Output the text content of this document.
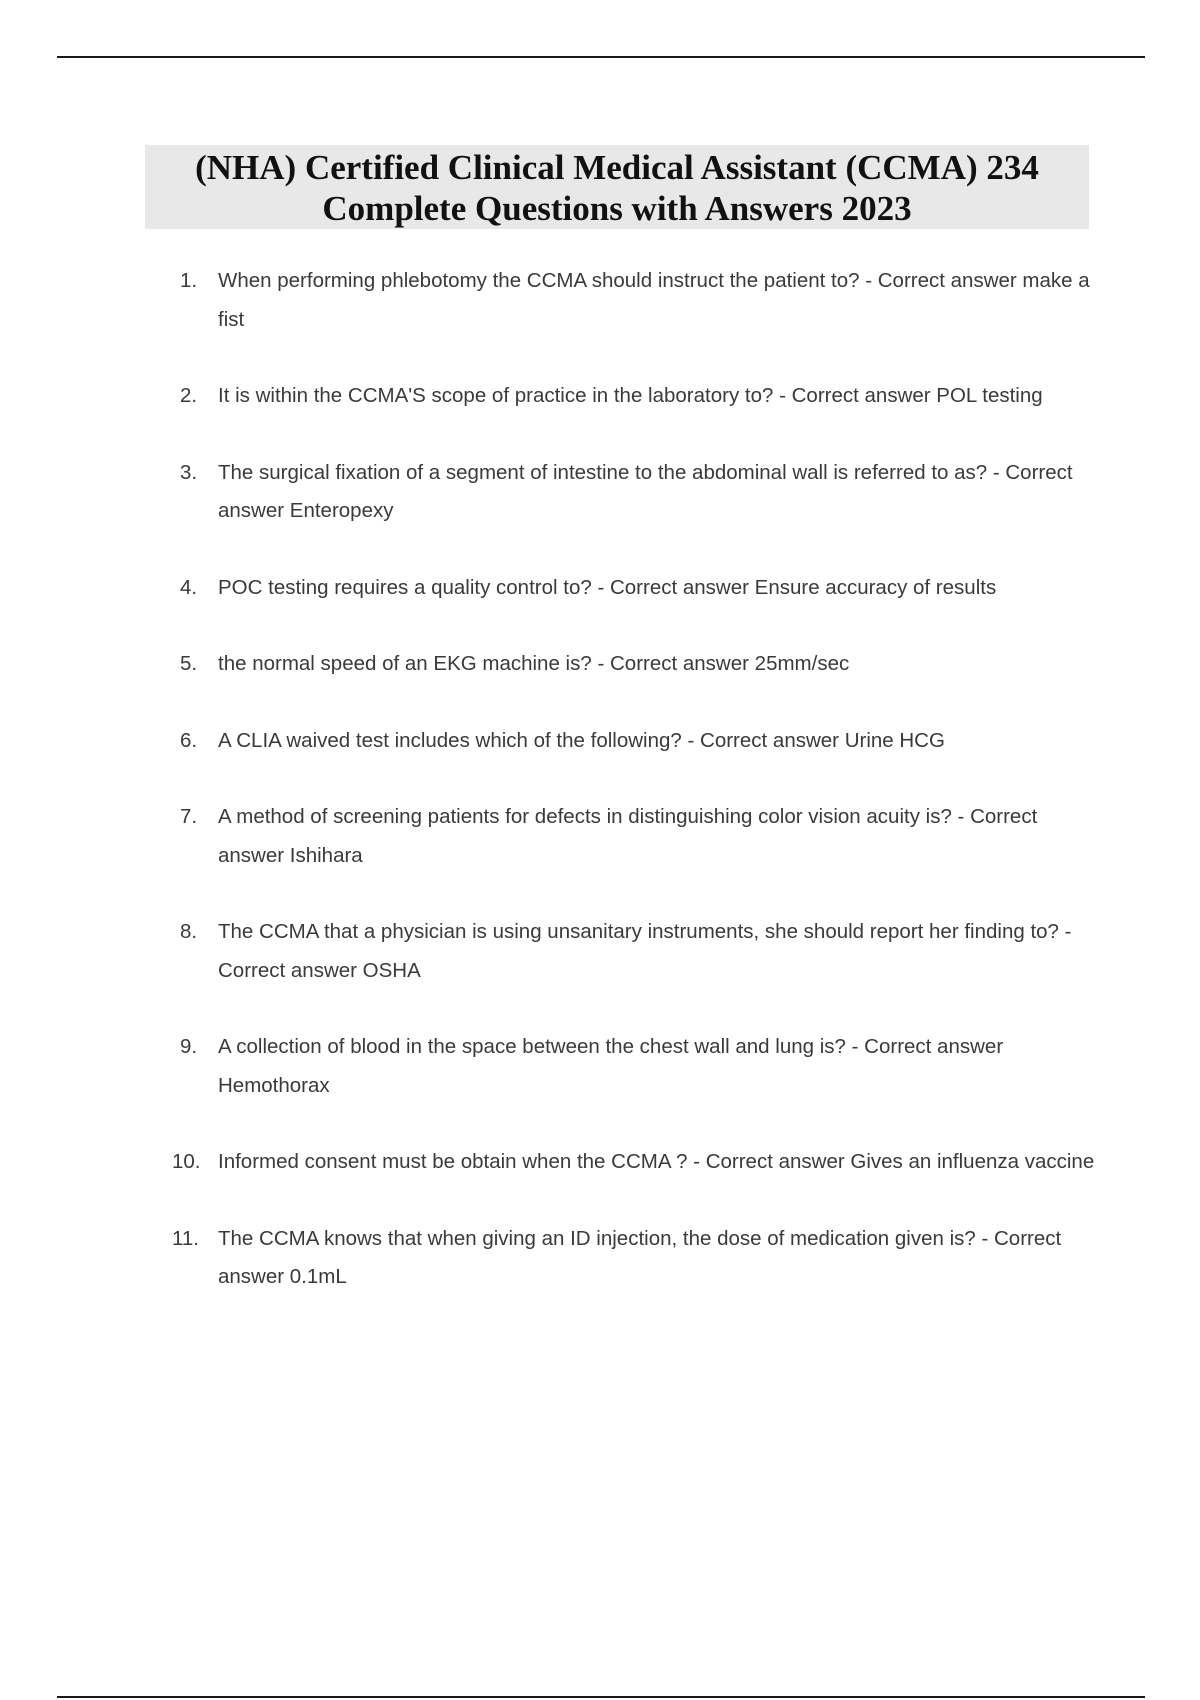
(NHA) Certified Clinical Medical Assistant (CCMA) 234
Complete Questions with Answers 2023
1.	When performing phlebotomy the CCMA should instruct the patient to? - Correct answer make a fist
2.	It is within the CCMA'S scope of practice in the laboratory to? - Correct answer POL testing
3.	The surgical fixation of a segment of intestine to the abdominal wall is referred to as? - Correct answer Enteropexy
4.	POC testing requires a quality control to? - Correct answer Ensure accuracy of results
5.	the normal speed of an EKG machine is? - Correct answer 25mm/sec
6.	A CLIA waived test includes which of the following? - Correct answer Urine HCG
7.	A method of screening patients for defects in distinguishing color vision acuity is? - Correct answer Ishihara
8.	The CCMA that a physician is using unsanitary instruments, she should report her finding to? - Correct answer OSHA
9.	A collection of blood in the space between the chest wall and lung is? - Correct answer Hemothorax
10. Informed consent must be obtain when the CCMA ? - Correct answer Gives an influenza vaccine
11. The CCMA knows that when giving an ID injection, the dose of medication given is? - Correct answer 0.1mL
